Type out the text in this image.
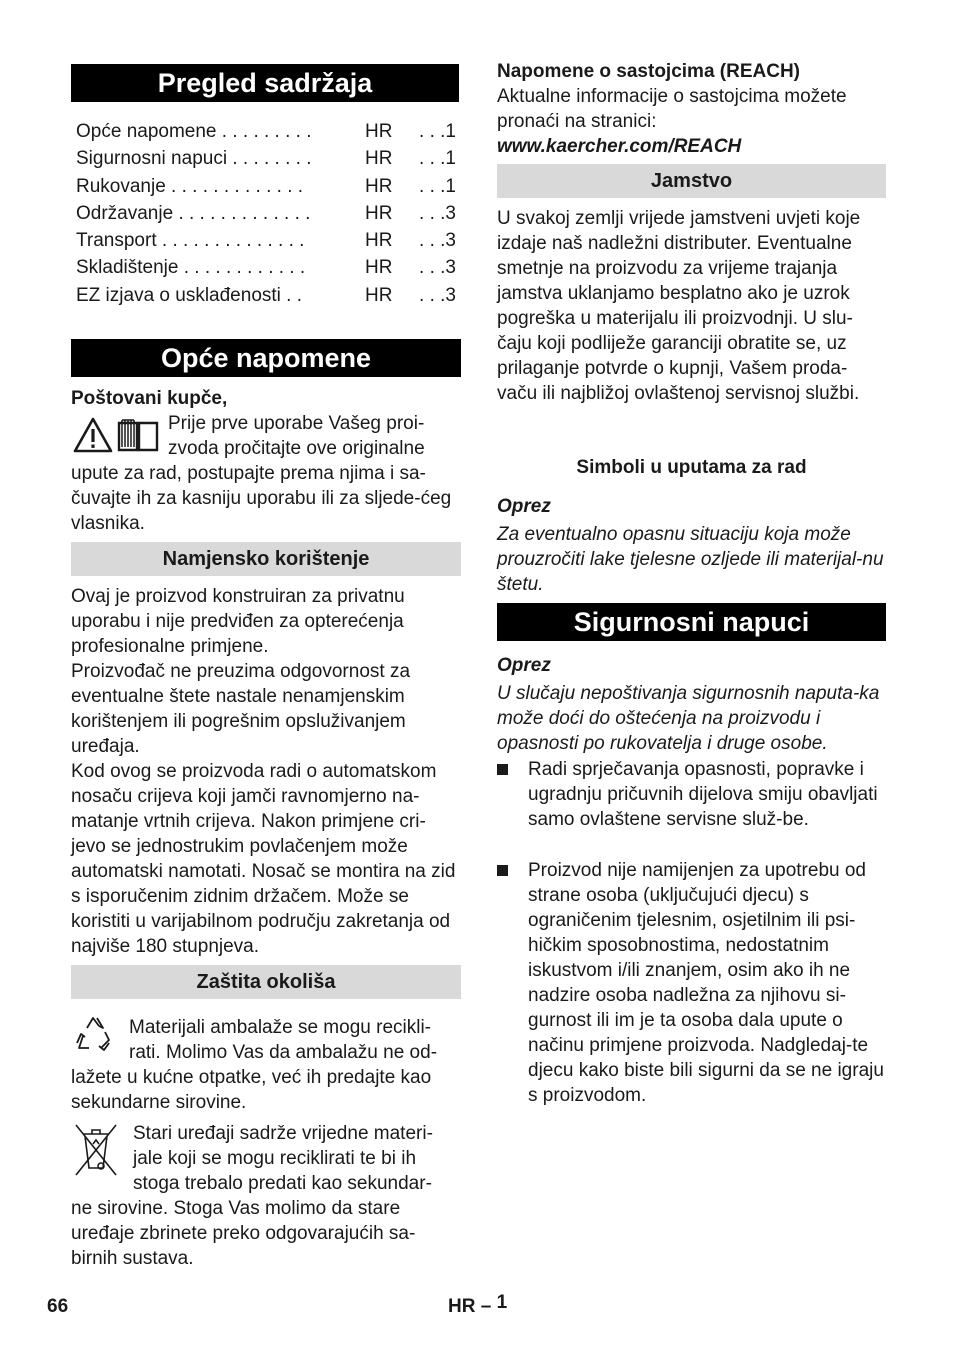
Pregled sadržaja
Opće napomene . . . . . . . . .	HR . . .1
Sigurnosni napuci . . . . . . . .	HR . . .1
Rukovanje . . . . . . . . . . . . .	HR . . .1
Održavanje . . . . . . . . . . . . .	HR . . .3
Transport . . . . . . . . . . . . . .	HR . . .3
Skladištenje . . . . . . . . . . . .	HR . . .3
EZ izjava o usklađenosti . .	HR . . .3
Opće napomene
Poštovani kupče,
Prije prve uporabe Vašeg proi-
zvoda pročitajte ove originalne
upute za rad, postupajte prema njima i sa-čuvajte ih za kasniju uporabu ili za sljede-ćeg vlasnika.
Namjensko korištenje
Ovaj je proizvod konstruiran za privatnu uporabu i nije predviđen za opterećenja profesionalne primjene.
Proizvođač ne preuzima odgovornost za eventualne štete nastale nenamjenskim korištenjem ili pogrešnim opsluživanjem uređaja.
Kod ovog se proizvoda radi o automatskom nosaču crijeva koji jamči ravnomjerno na-matanje vrtnih crijeva. Nakon primjene cri-jevo se jednostrukim povlačenjem može automatski namotati. Nosač se montira na zid s isporučenim zidnim držačem. Može se koristiti u varijabilnom području zakretanja od najviše 180 stupnjeva.
Zaštita okoliša
Materijali ambalaže se mogu recikli-
rati. Molimo Vas da ambalažu ne od-
lažete u kućne otpatke, već ih predajte kao sekundarne sirovine.
Stari uređaji sadrže vrijedne materi-
jale koji se mogu reciklirati te bi ih
stoga trebalo predati kao sekundar-
ne sirovine. Stoga Vas molimo da stare uređaje zbrinete preko odgovarajućih sa-birnih sustava.
Napomene o sastojcima (REACH)
Aktualne informacije o sastojcima možete pronaći na stranici:
www.kaercher.com/REACH
Jamstvo
U svakoj zemlji vrijede jamstveni uvjeti koje izdaje naš nadležni distributer. Eventualne smetnje na proizvodu za vrijeme trajanja jamstva uklanjamo besplatno ako je uzrok pogreška u materijalu ili proizvodnji. U slu-čaju koji podliježe garanciji obratite se, uz prilaganje potvrde o kupnji, Vašem proda-vaču ili najbližoj ovlaštenoj servisnoj službi.
Simboli u uputama za rad
Oprez
Za eventualno opasnu situaciju koja može prouzročiti lake tjelesne ozljede ili materijal-nu štetu.
Sigurnosni napuci
Oprez
U slučaju nepoštivanja sigurnosnih naputa-ka može doći do oštećenja na proizvodu i opasnosti po rukovatelja i druge osobe.
Radi sprječavanja opasnosti, popravke i ugradnju pričuvnih dijelova smiju obavljati samo ovlaštene servisne služ-be.
Proizvod nije namijenjen za upotrebu od strane osoba (uključujući djecu) s ograničenim tjelesnim, osjetilnim ili psi-hičkim sposobnostima, nedostatnim iskustvom i/ili znanjem, osim ako ih ne nadzire osoba nadležna za njihovu si-gurnost ili im je ta osoba dala upute o načinu primjene proizvoda. Nadgledaj-te djecu kako biste bili sigurni da se ne igraju s proizvodom.
66	HR – 1
